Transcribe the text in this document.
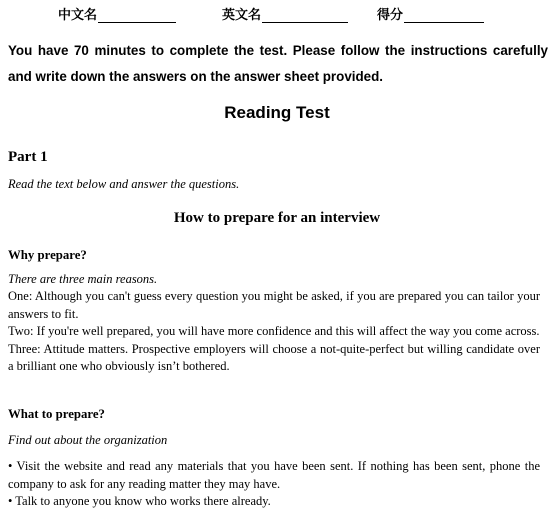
中文名	英文名	得分
You have 70 minutes to complete the test. Please follow the instructions carefully and write down the answers on the answer sheet provided.
Reading Test
Part 1
Read the text below and answer the questions.
How to prepare for an interview
Why prepare?
There are three main reasons.
One: Although you can't guess every question you might be asked, if you are prepared you can tailor your answers to fit.
Two: If you're well prepared, you will have more confidence and this will affect the way you come across.
Three: Attitude matters. Prospective employers will choose a not-quite-perfect but willing candidate over a brilliant one who obviously isn’t bothered.
What to prepare?
Find out about the organization
• Visit the website and read any materials that you have been sent. If nothing has been sent, phone the company to ask for any reading matter they may have.
• Talk to anyone you know who works there already.
